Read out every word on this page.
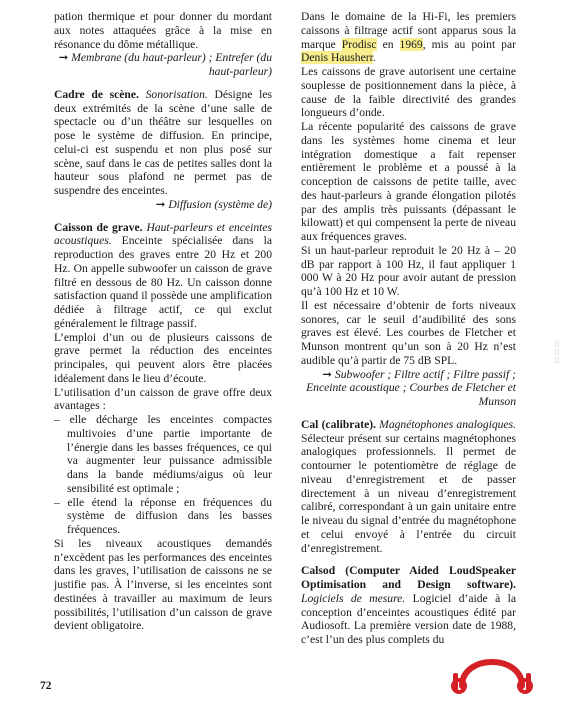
pation thermique et pour donner du mordant aux notes attaquées grâce à la mise en résonance du dôme métallique.

➞ Membrane (du haut-parleur) ; Entrefer (du haut-parleur)

Cadre de scène. Sonorisation. Désigne les deux extrémités de la scène d’une salle de spectacle ou d’un théâtre sur lesquelles on pose le système de diffusion. En principe, celui-ci est suspendu et non plus posé sur scène, sauf dans le cas de petites salles dont la hauteur sous plafond ne permet pas de suspendre des enceintes.

➞ Diffusion (système de)

Caisson de grave. Haut-parleurs et enceintes acoustiques. Enceinte spécialisée dans la reproduction des graves entre 20 Hz et 200 Hz. On appelle subwoofer un caisson de grave filtré en dessous de 80 Hz. Un caisson donne satisfaction quand il possède une amplification dédiée à filtrage actif, ce qui exclut généralement le filtrage passif.

L’emploi d’un ou de plusieurs caissons de grave permet la réduction des enceintes principales, qui peuvent alors être placées idéalement dans le lieu d’écoute.

L’utilisation d’un caisson de grave offre deux avantages :

– elle décharge les enceintes compactes multivoies d’une partie importante de l’énergie dans les basses fréquences, ce qui va augmenter leur puissance admissible dans la bande médiums/aigus où leur sensibilité est optimale ;
– elle étend la réponse en fréquences du système de diffusion dans les basses fréquences.

Si les niveaux acoustiques demandés n’excèdent pas les performances des enceintes dans les graves, l’utilisation de caissons ne se justifie pas. À l’inverse, si les enceintes sont destinées à travailler au maximum de leurs possibilités, l’utilisation d’un caisson de grave devient obligatoire.

Dans le domaine de la Hi-Fi, les premiers caissons à filtrage actif sont apparus sous la marque Prodisc en 1969, mis au point par Denis Hausherr.

Les caissons de grave autorisent une certaine souplesse de positionnement dans la pièce, à cause de la faible directivité des grandes longueurs d’onde.

La récente popularité des caissons de grave dans les systèmes home cinema et leur intégration domestique a fait repenser entièrement le problème et a poussé à la conception de caissons de petite taille, avec des haut-parleurs à grande élongation pilotés par des amplis très puissants (dépassant le kilowatt) et qui compensent la perte de niveau aux fréquences graves.

Si un haut-parleur reproduit le 20 Hz à – 20 dB par rapport à 100 Hz, il faut appliquer 1 000 W à 20 Hz pour avoir autant de pression qu’à 100 Hz et 10 W.

Il est nécessaire d’obtenir de forts niveaux sonores, car le seuil d’audibilité des sons graves est élevé. Les courbes de Fletcher et Munson montrent qu’un son à 20 Hz n’est audible qu’à partir de 75 dB SPL.

➞ Subwoofer ; Filtre actif ; Filtre passif ; Enceinte acoustique ; Courbes de Fletcher et Munson

Cal (calibrate). Magnétophones analogiques. Sélecteur présent sur certains magnétophones analogiques professionnels. Il permet de contourner le potentiomètre de réglage de niveau d’enregistrement et de passer directement à un niveau d’enregistrement calibré, correspondant à un gain unitaire entre le niveau du signal d’entrée du magnétophone et celui envoyé à l’entrée du circuit d’enregistrement.

Calsod (Computer Aided LoudSpeaker Optimisation and Design software). Logiciels de mesure. Logiciel d’aide à la conception d’enceintes acoustiques édité par Audiosoft. La première version date de 1988, c’est l’un des plus complets du

72
▯
▯
▯
